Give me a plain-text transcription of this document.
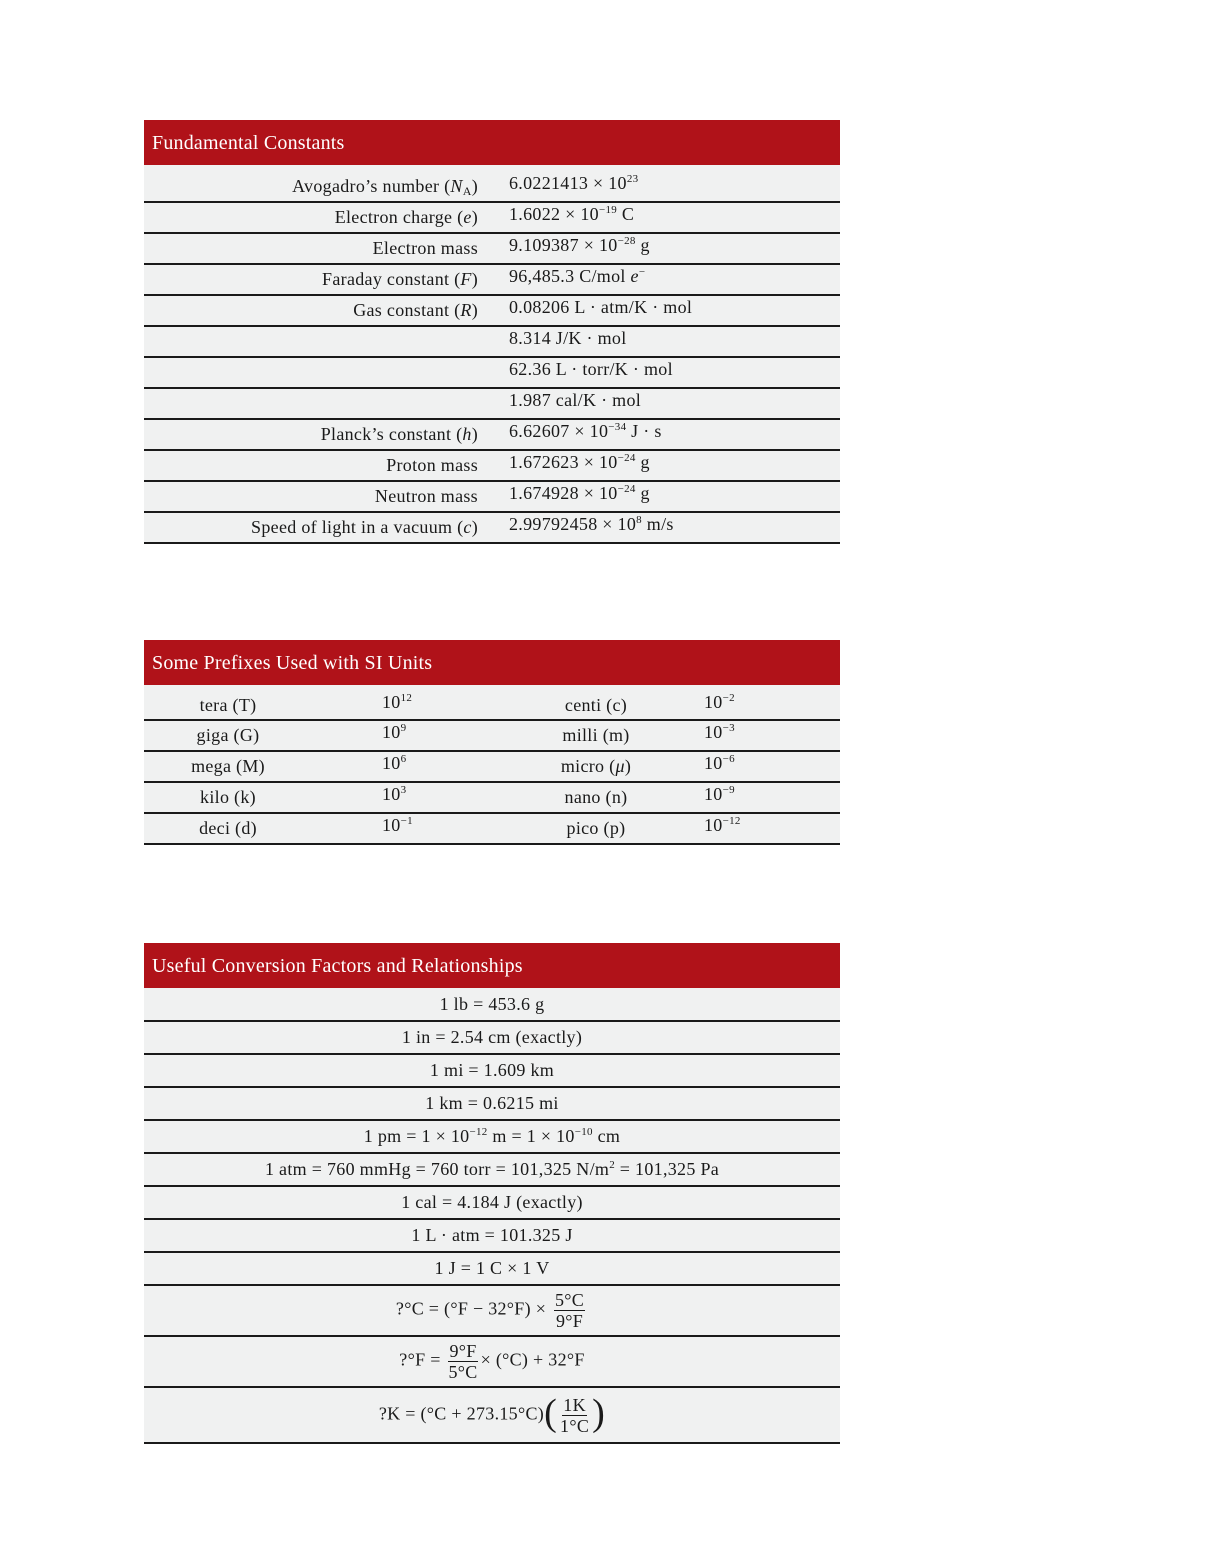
Fundamental Constants
Avogadro’s number $(N_A)$	$6.0221413 \times 10^{23}$
Electron charge (e)	$1.6022 \times 10^{-19}$ C
Electron mass	$9.109387 \times 10^{-28}$ g
Faraday constant (F)	96,485.3 C/mol e−
Gas constant (R)	0.08206 L · atm/K · mol
8.314 J/K · mol
62.36 L · torr/K · mol
1.987 cal/K · mol
Planck’s constant (h)	$6.62607 \times 10^{-34}$ J · s
Proton mass	$1.672623 \times 10^{-24}$ g
Neutron mass	$1.674928 \times 10^{-24}$ g
Speed of light in a vacuum (c)	$2.99792458 \times 10^8$ m/s
Some Prefixes Used with SI Units
tera (T)	$10^{12}$	centi (c)	$10^{-2}$
giga (G)	$10^9$	milli (m)	$10^{-3}$
mega (M)	$10^6$	micro (μ)	$10^{-6}$
kilo (k)	$10^3$	nano (n)	$10^{-9}$
deci (d)	$10^{-1}$	pico (p)	$10^{-12}$
Useful Conversion Factors and Relationships
1 lb = 453.6 g
1 in = 2.54 cm (exactly)
1 mi = 1.609 km
1 km = 0.6215 mi
1 pm = $1 \times 10^{-12}$ $m = 1 \times 10^{-10}$ cm
1 atm = 760 mmHg = 760 torr = 101,325 $N/m^2 = 101,325$ Pa
1 cal = 4.184 J (exactly)
1 L · atm = 101.325 J
1 J = 1 C × 1 V
?°C = $(^\circ F - 32^\circ F) \times \frac{5^\circ C}{9^\circ F}$
?°F = $\frac{9^\circ F}{5^\circ C} \times (^\circ C) + 32^\circ F$
?K = $(^\circ C + 273.15^\circ C)( \frac{1K}{1^\circ C}$ )
